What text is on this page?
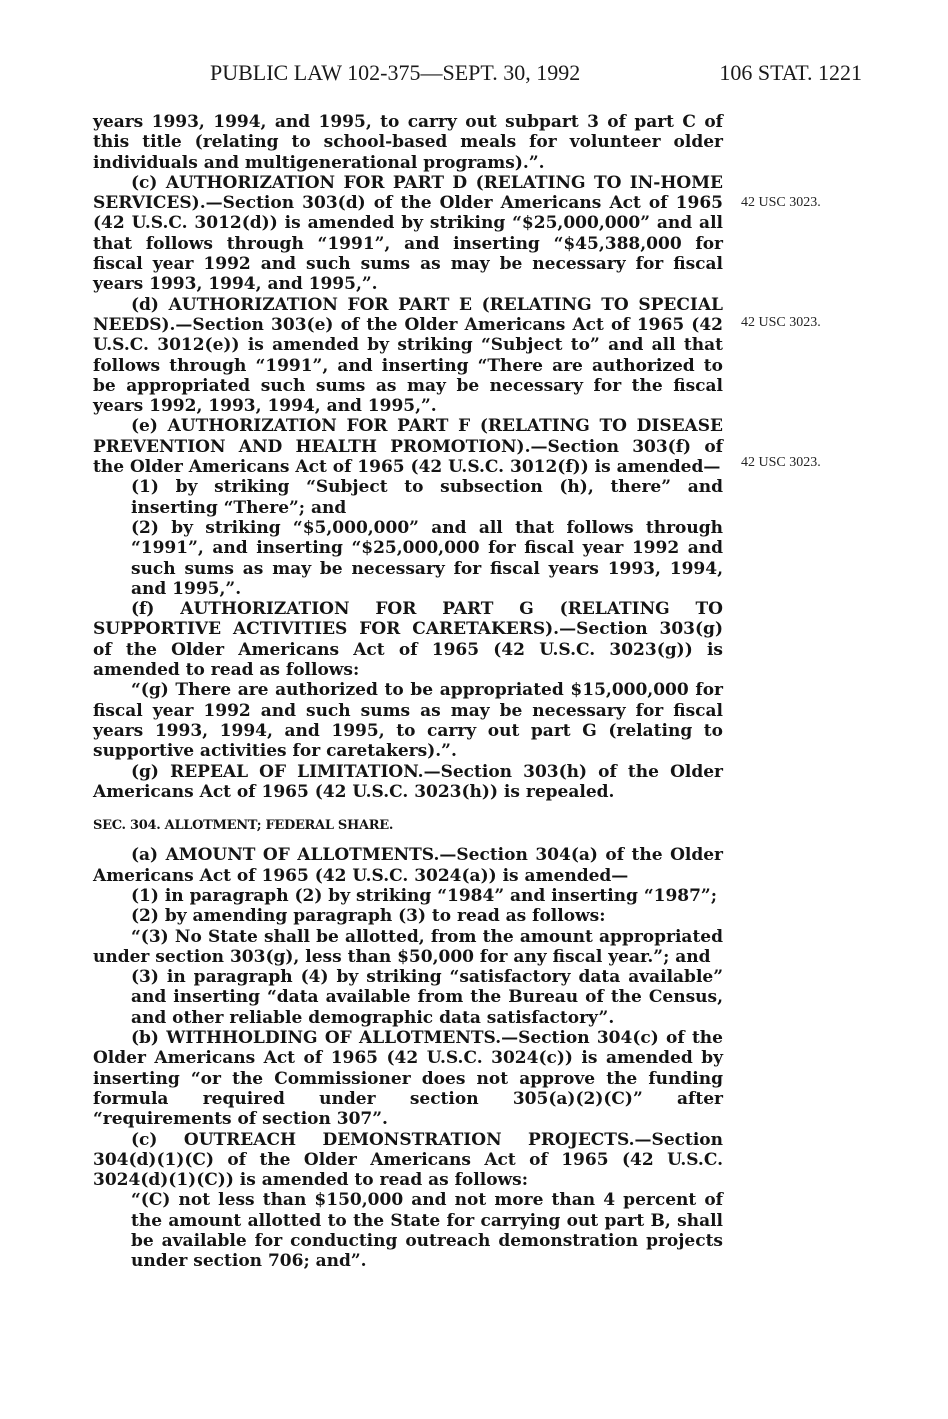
PUBLIC LAW 102-375—SEPT. 30, 1992	106 STAT. 1221
42 USC 3023.
42 USC 3023.
42 USC 3023.

years 1993, 1994, and 1995, to carry out subpart 3 of part C of this title (relating to school-based meals for volunteer older individuals and multigenerational programs).”.

(c) AUTHORIZATION FOR PART D (RELATING TO IN-HOME SERVICES).—Section 303(d) of the Older Americans Act of 1965 (42 U.S.C. 3012(d)) is amended by striking “$25,000,000” and all that follows through “1991”, and inserting “$45,388,000 for fiscal year 1992 and such sums as may be necessary for fiscal years 1993, 1994, and 1995,”.

(d) AUTHORIZATION FOR PART E (RELATING TO SPECIAL NEEDS).—Section 303(e) of the Older Americans Act of 1965 (42 U.S.C. 3012(e)) is amended by striking “Subject to” and all that follows through “1991”, and inserting “There are authorized to be appropriated such sums as may be necessary for the fiscal years 1992, 1993, 1994, and 1995,”.

(e) AUTHORIZATION FOR PART F (RELATING TO DISEASE PREVENTION AND HEALTH PROMOTION).—Section 303(f) of the Older Americans Act of 1965 (42 U.S.C. 3012(f)) is amended—

(1) by striking “Subject to subsection (h), there” and inserting “There”; and

(2) by striking “$5,000,000” and all that follows through “1991”, and inserting “$25,000,000 for fiscal year 1992 and such sums as may be necessary for fiscal years 1993, 1994, and 1995,”.

(f) AUTHORIZATION FOR PART G (RELATING TO SUPPORTIVE ACTIVITIES FOR CARETAKERS).—Section 303(g) of the Older Americans Act of 1965 (42 U.S.C. 3023(g)) is amended to read as follows:

“(g) There are authorized to be appropriated $15,000,000 for fiscal year 1992 and such sums as may be necessary for fiscal years 1993, 1994, and 1995, to carry out part G (relating to supportive activities for caretakers).”.

(g) REPEAL OF LIMITATION.—Section 303(h) of the Older Americans Act of 1965 (42 U.S.C. 3023(h)) is repealed.

SEC. 304. ALLOTMENT; FEDERAL SHARE.

(a) AMOUNT OF ALLOTMENTS.—Section 304(a) of the Older Americans Act of 1965 (42 U.S.C. 3024(a)) is amended—

(1) in paragraph (2) by striking “1984” and inserting “1987”;

(2) by amending paragraph (3) to read as follows:

“(3) No State shall be allotted, from the amount appropriated under section 303(g), less than $50,000 for any fiscal year.”; and

(3) in paragraph (4) by striking “satisfactory data available” and inserting “data available from the Bureau of the Census, and other reliable demographic data satisfactory”.

(b) WITHHOLDING OF ALLOTMENTS.—Section 304(c) of the Older Americans Act of 1965 (42 U.S.C. 3024(c)) is amended by inserting “or the Commissioner does not approve the funding formula required under section 305(a)(2)(C)” after “requirements of section 307”.

(c) OUTREACH DEMONSTRATION PROJECTS.—Section 304(d)(1)(C) of the Older Americans Act of 1965 (42 U.S.C. 3024(d)(1)(C)) is amended to read as follows:

“(C) not less than $150,000 and not more than 4 percent of the amount allotted to the State for carrying out part B, shall be available for conducting outreach demonstration projects under section 706; and”.
